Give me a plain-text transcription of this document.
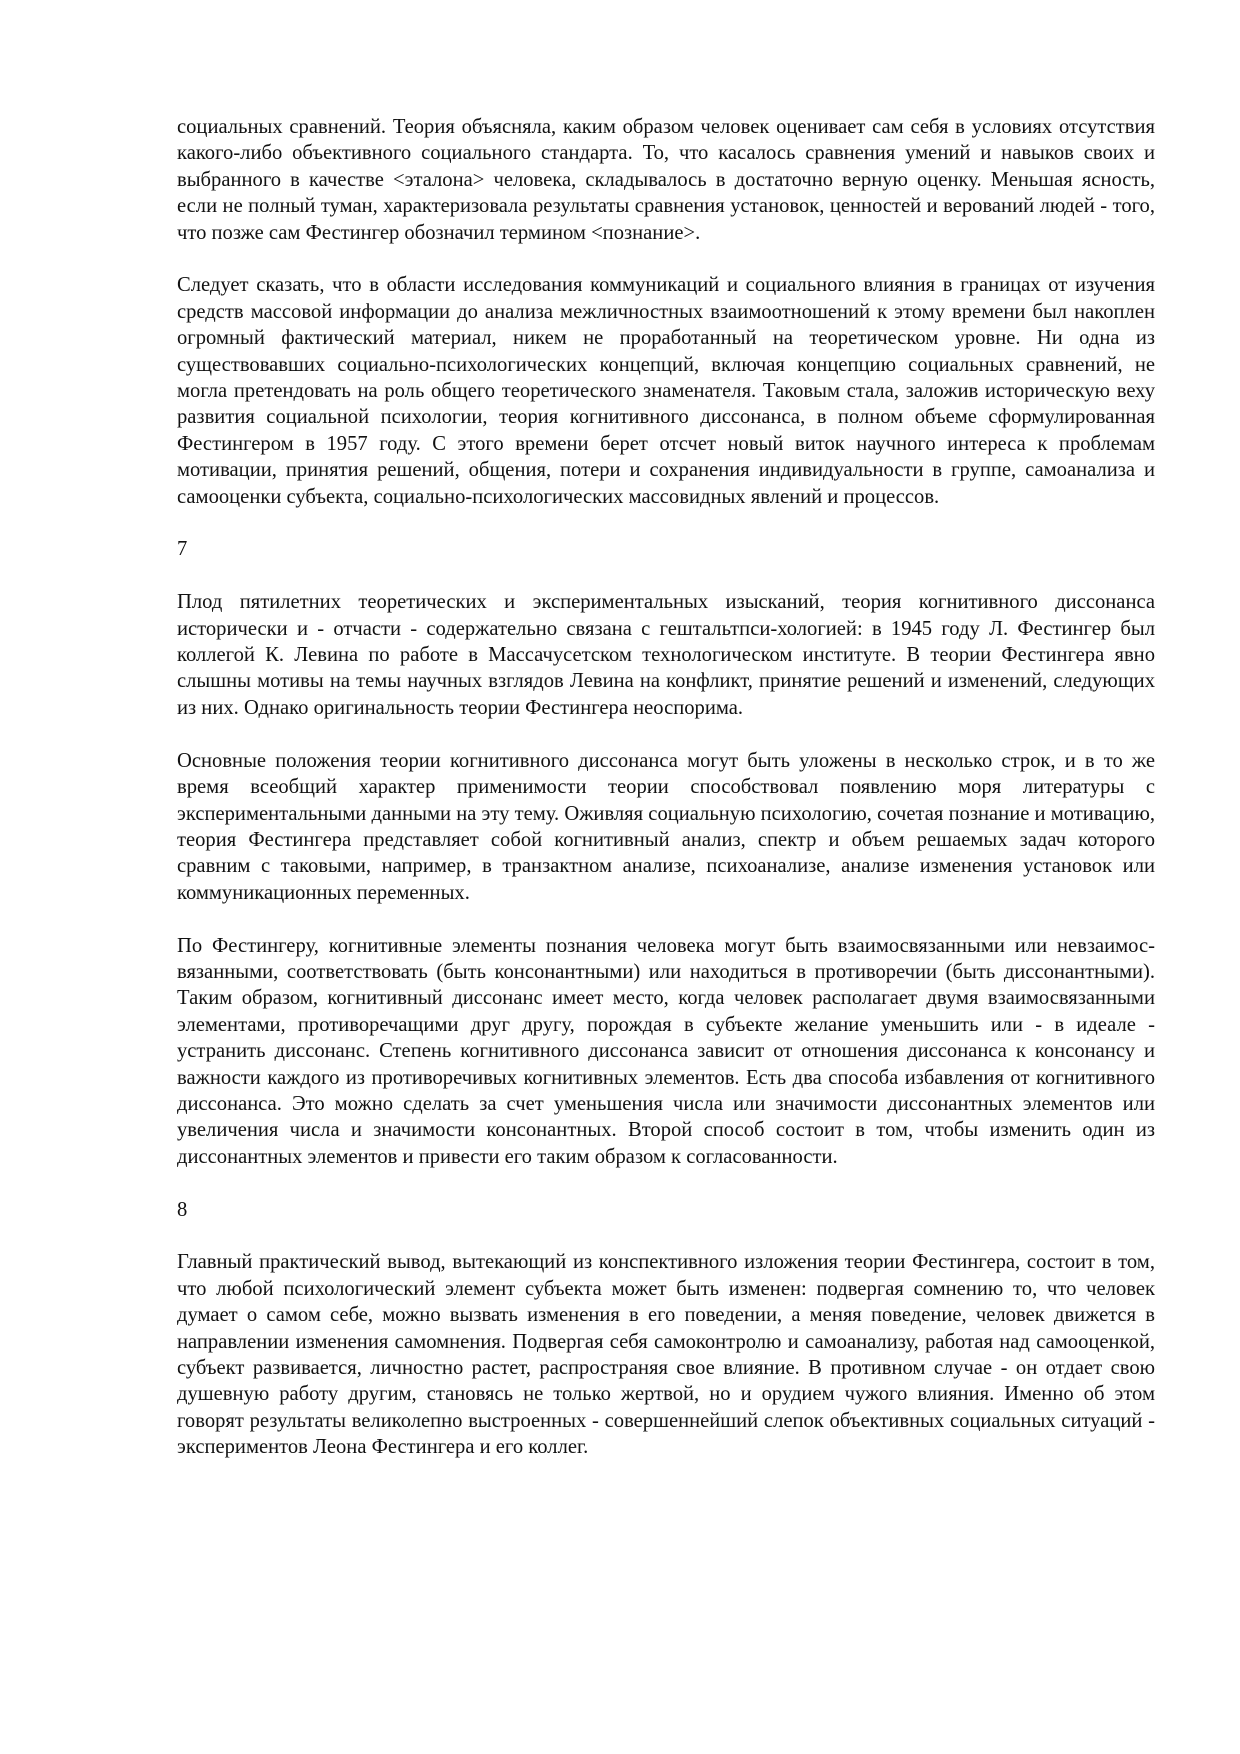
социальных сравнений. Теория объясняла, каким образом человек оценивает сам себя в условиях отсутствия какого-либо объективного социального стандарта. То, что касалось сравнения умений и навыков своих и выбранного в качестве <эталона> человека, складывалось в достаточно верную оценку. Меньшая ясность, если не полный туман, характеризовала результаты сравнения установок, ценностей и верований людей - того, что позже сам Фестингер обозначил термином <познание>.

Следует сказать, что в области исследования коммуникаций и социального влияния в границах от изучения средств массовой информации до анализа межличностных взаимоотношений к этому времени был накоплен огромный фактический материал, никем не проработанный на теоретическом уровне. Ни одна из существовавших социально-психологических концепций, включая концепцию социальных сравнений, не могла претендовать на роль общего теоретического знаменателя. Таковым стала, заложив историческую веху развития социальной психологии, теория когнитивного диссонанса, в полном объеме сформулированная Фестингером в 1957 году. С этого времени берет отсчет новый виток научного интереса к проблемам мотивации, принятия решений, общения, потери и сохранения индивидуальности в группе, самоанализа и самооценки субъекта, социально-психологических массовидных явлений и процессов.

7

Плод пятилетних теоретических и экспериментальных изысканий, теория когнитивного диссонанса исторически и - отчасти - содержательно связана с гештальтпси-хологией: в 1945 году Л. Фестингер был коллегой К. Левина по работе в Массачусетском технологическом институте. В теории Фестингера явно слышны мотивы на темы научных взглядов Левина на конфликт, принятие решений и изменений, следующих из них. Однако оригинальность теории Фестингера неоспорима.

Основные положения теории когнитивного диссонанса могут быть уложены в несколько строк, и в то же время всеобщий характер применимости теории способствовал появлению моря литературы с экспериментальными данными на эту тему. Оживляя социальную психологию, сочетая познание и мотивацию, теория Фестингера представляет собой когнитивный анализ, спектр и объем решаемых задач которого сравним с таковыми, например, в транзактном анализе, психоанализе, анализе изменения установок или коммуникационных переменных.

По Фестингеру, когнитивные элементы познания человека могут быть взаимосвязанными или невзаимос-вязанными, соответствовать (быть консонантными) или находиться в противоречии (быть диссонантными). Таким образом, когнитивный диссонанс имеет место, когда человек располагает двумя взаимосвязанными элементами, противоречащими друг другу, порождая в субъекте желание уменьшить или - в идеале - устранить диссонанс. Степень когнитивного диссонанса зависит от отношения диссонанса к консонансу и важности каждого из противоречивых когнитивных элементов. Есть два способа избавления от когнитивного диссонанса. Это можно сделать за счет уменьшения числа или значимости диссонантных элементов или увеличения числа и значимости консонантных. Второй способ состоит в том, чтобы изменить один из диссонантных элементов и привести его таким образом к согласованности.

8

Главный практический вывод, вытекающий из конспективного изложения теории Фестингера, состоит в том, что любой психологический элемент субъекта может быть изменен: подвергая сомнению то, что человек думает о самом себе, можно вызвать изменения в его поведении, а меняя поведение, человек движется в направлении изменения самомнения. Подвергая себя самоконтролю и самоанализу, работая над самооценкой, субъект развивается, личностно растет, распространяя свое влияние. В противном случае - он отдает свою душевную работу другим, становясь не только жертвой, но и орудием чужого влияния. Именно об этом говорят результаты великолепно выстроенных - совершеннейший слепок объективных социальных ситуаций - экспериментов Леона Фестингера и его коллег.
